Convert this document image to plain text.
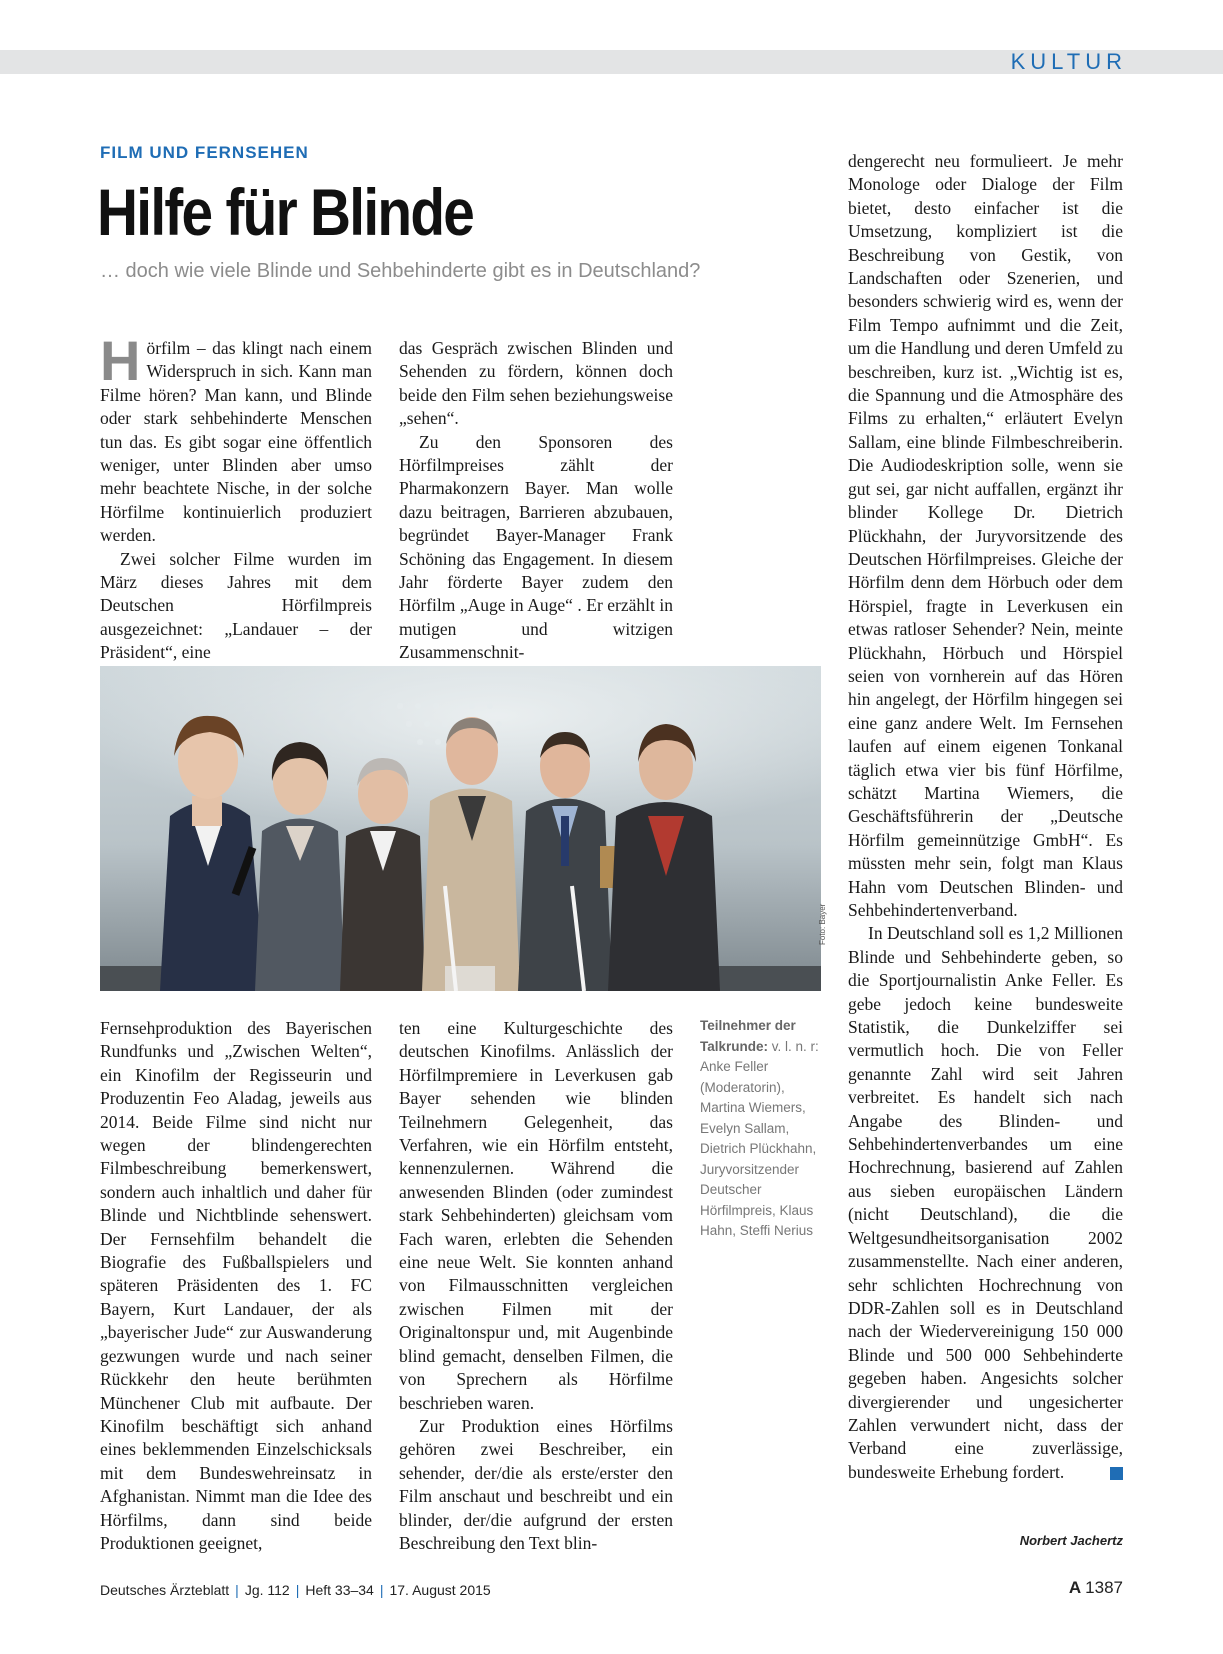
KULTUR
FILM UND FERNSEHEN
Hilfe für Blinde

… doch wie viele Blinde und Sehbehinderte gibt es in Deutschland?

Hörfilm – das klingt nach einem Widerspruch in sich. Kann man Filme hören? Man kann, und Blinde oder stark sehbehinderte Menschen tun das. Es gibt sogar eine öffentlich weniger, unter Blinden aber umso mehr beachtete Nische, in der solche Hörfilme kontinuierlich produziert werden.

Zwei solcher Filme wurden im März dieses Jahres mit dem Deutschen Hörfilmpreis ausgezeichnet: „Landauer – der Präsident“, eine

das Gespräch zwischen Blinden und Sehenden zu fördern, können doch beide den Film sehen beziehungsweise „sehen“.

Zu den Sponsoren des Hörfilmpreises zählt der Pharmakonzern Bayer. Man wolle dazu beitragen, Barrieren abzubauen, begründet Bayer-Manager Frank Schöning das Engagement. In diesem Jahr förderte Bayer zudem den Hörfilm „Auge in Auge“ . Er erzählt in mutigen und witzigen Zusammenschnit-

Foto: Bayer

Fernsehproduktion des Bayerischen Rundfunks und „Zwischen Welten“, ein Kinofilm der Regisseurin und Produzentin Feo Aladag, jeweils aus 2014. Beide Filme sind nicht nur wegen der blindengerechten Filmbeschreibung bemerkenswert, sondern auch inhaltlich und daher für Blinde und Nichtblinde sehenswert. Der Fernsehfilm behandelt die Biografie des Fußballspielers und späteren Präsidenten des 1. FC Bayern, Kurt Landauer, der als „bayerischer Jude“ zur Auswanderung gezwungen wurde und nach seiner Rückkehr den heute berühmten Münchener Club mit aufbaute. Der Kinofilm beschäftigt sich anhand eines beklemmenden Einzelschicksals mit dem Bundeswehreinsatz in Afghanistan. Nimmt man die Idee des Hörfilms, dann sind beide Produktionen geeignet,

ten eine Kulturgeschichte des deutschen Kinofilms. Anlässlich der Hörfilmpremiere in Leverkusen gab Bayer sehenden wie blinden Teilnehmern Gelegenheit, das Verfahren, wie ein Hörfilm entsteht, kennenzulernen. Während die anwesenden Blinden (oder zumindest stark Sehbehinderten) gleichsam vom Fach waren, erlebten die Sehenden eine neue Welt. Sie konnten anhand von Filmausschnitten vergleichen zwischen Filmen mit der Originaltonspur und, mit Augenbinde blind gemacht, denselben Filmen, die von Sprechern als Hörfilme beschrieben waren.

Zur Produktion eines Hörfilms gehören zwei Beschreiber, ein sehender, der/die als erste/erster den Film anschaut und beschreibt und ein blinder, der/die aufgrund der ersten Beschreibung den Text blin-

Teilnehmer der Talkrunde: v. l. n. r: Anke Feller (Moderatorin), Martina Wiemers, Evelyn Sallam, Dietrich Plückhahn, Juryvorsitzender Deutscher Hörfilmpreis, Klaus Hahn, Steffi Nerius

dengerecht neu formulieert. Je mehr Monologe oder Dialoge der Film bietet, desto einfacher ist die Umsetzung, kompliziert ist die Beschreibung von Gestik, von Landschaften oder Szenerien, und besonders schwierig wird es, wenn der Film Tempo aufnimmt und die Zeit, um die Handlung und deren Umfeld zu beschreiben, kurz ist. „Wichtig ist es, die Spannung und die Atmosphäre des Films zu erhalten,“ erläutert Evelyn Sallam, eine blinde Filmbeschreiberin. Die Audiodeskription solle, wenn sie gut sei, gar nicht auffallen, ergänzt ihr blinder Kollege Dr. Dietrich Plückhahn, der Juryvorsitzende des Deutschen Hörfilmpreises. Gleiche der Hörfilm denn dem Hörbuch oder dem Hörspiel, fragte in Leverkusen ein etwas ratloser Sehender? Nein, meinte Plückhahn, Hörbuch und Hörspiel seien von vornherein auf das Hören hin angelegt, der Hörfilm hingegen sei eine ganz andere Welt. Im Fernsehen laufen auf einem eigenen Tonkanal täglich etwa vier bis fünf Hörfilme, schätzt Martina Wiemers, die Geschäftsführerin der „Deutsche Hörfilm gemeinnützige GmbH“. Es müssten mehr sein, folgt man Klaus Hahn vom Deutschen Blinden- und Sehbehindertenverband.

In Deutschland soll es 1,2 Millionen Blinde und Sehbehinderte geben, so die Sportjournalistin Anke Feller. Es gebe jedoch keine bundesweite Statistik, die Dunkelziffer sei vermutlich hoch. Die von Feller genannte Zahl wird seit Jahren verbreitet. Es handelt sich nach Angabe des Blinden- und Sehbehindertenverbandes um eine Hochrechnung, basierend auf Zahlen aus sieben europäischen Ländern (nicht Deutschland), die die Weltgesundheitsorganisation 2002 zusammenstellte. Nach einer anderen, sehr schlichten Hochrechnung von DDR-Zahlen soll es in Deutschland nach der Wiedervereinigung 150 000 Blinde und 500 000 Sehbehinderte gegeben haben. Angesichts solcher divergierender und ungesicherter Zahlen verwundert nicht, dass der Verband eine zuverlässige, bundesweite Erhebung fordert.

Norbert Jachertz
Deutsches Ärzteblatt | Jg. 112 | Heft 33–34 | 17. August 2015	A 1387
